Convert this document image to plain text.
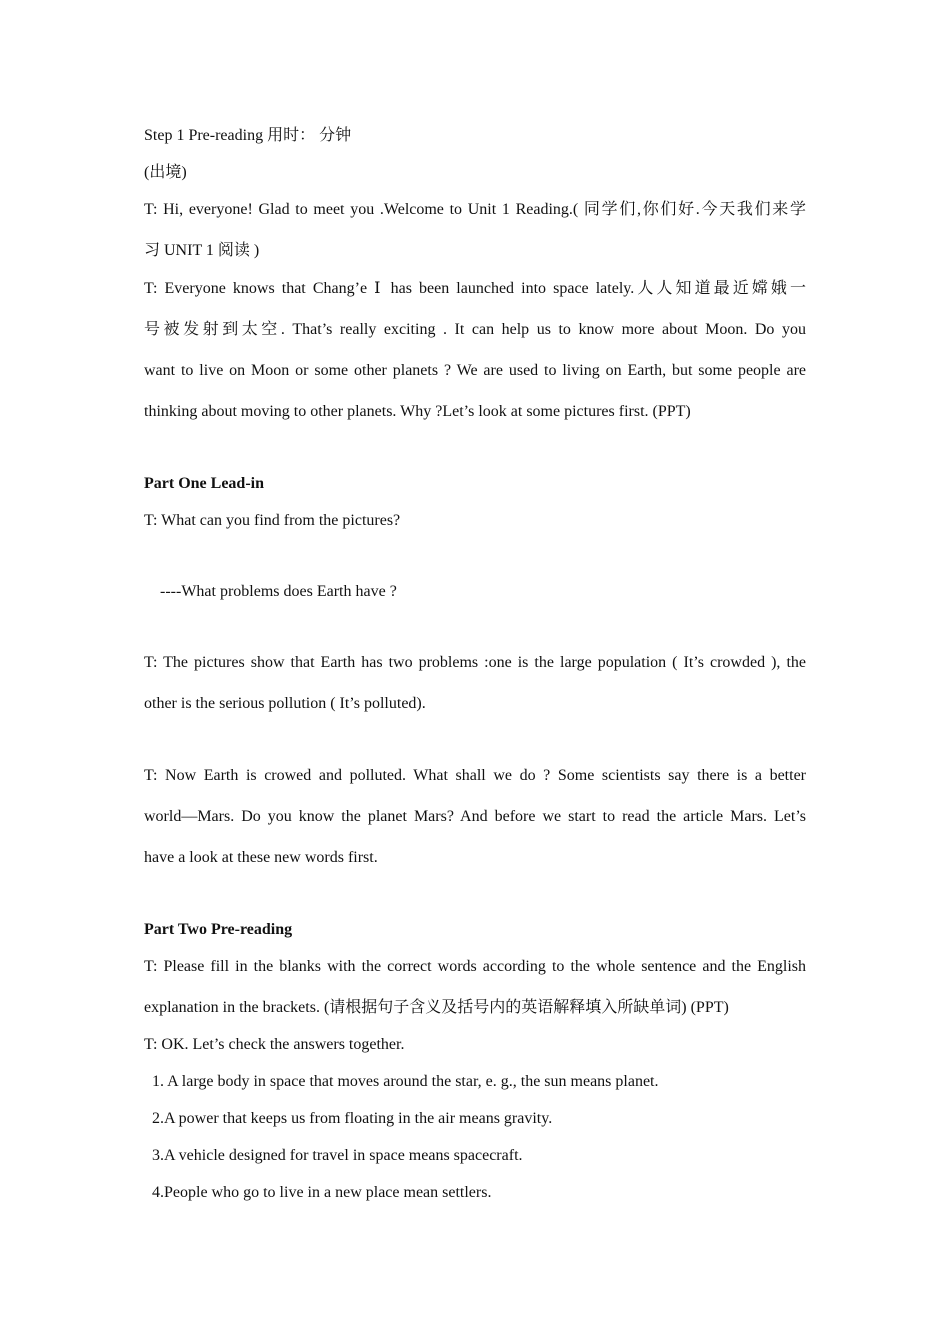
Step 1 Pre-reading 用时： 分钟
(出境)
T: Hi, everyone! Glad to meet you .Welcome to Unit 1 Reading.( 同学们,你们好.今天我们来学
习 UNIT 1 阅读 )
T: Everyone knows that Chang’e Ⅰ has been launched into space lately.人人知道最近嫦娥一
号被发射到太空. That’s really exciting . It can help us to know more about Moon. Do you
want to live on Moon or some other planets ? We are used to living on Earth, but some people are
thinking about moving to other planets. Why ?Let’s look at some pictures first. (PPT)
Part One Lead-in
T: What can you find from the pictures?
----What problems does Earth have ?
T: The pictures show that Earth has two problems :one is the large population ( It’s crowded ), the
other is the serious pollution ( It’s polluted).
T: Now Earth is crowed and polluted. What shall we do ? Some scientists say there is a better
world—Mars. Do you know the planet Mars? And before we start to read the article Mars. Let’s
have a look at these new words first.
Part Two Pre-reading
T: Please fill in the blanks with the correct words according to the whole sentence and the English
explanation in the brackets. (请根据句子含义及括号内的英语解释填入所缺单词) (PPT)
T: OK. Let’s check the answers together.
1. A large body in space that moves around the star, e. g., the sun means planet.
2.A power that keeps us from floating in the air means gravity.
3.A vehicle designed for travel in space means spacecraft.
4.People who go to live in a new place mean settlers.
